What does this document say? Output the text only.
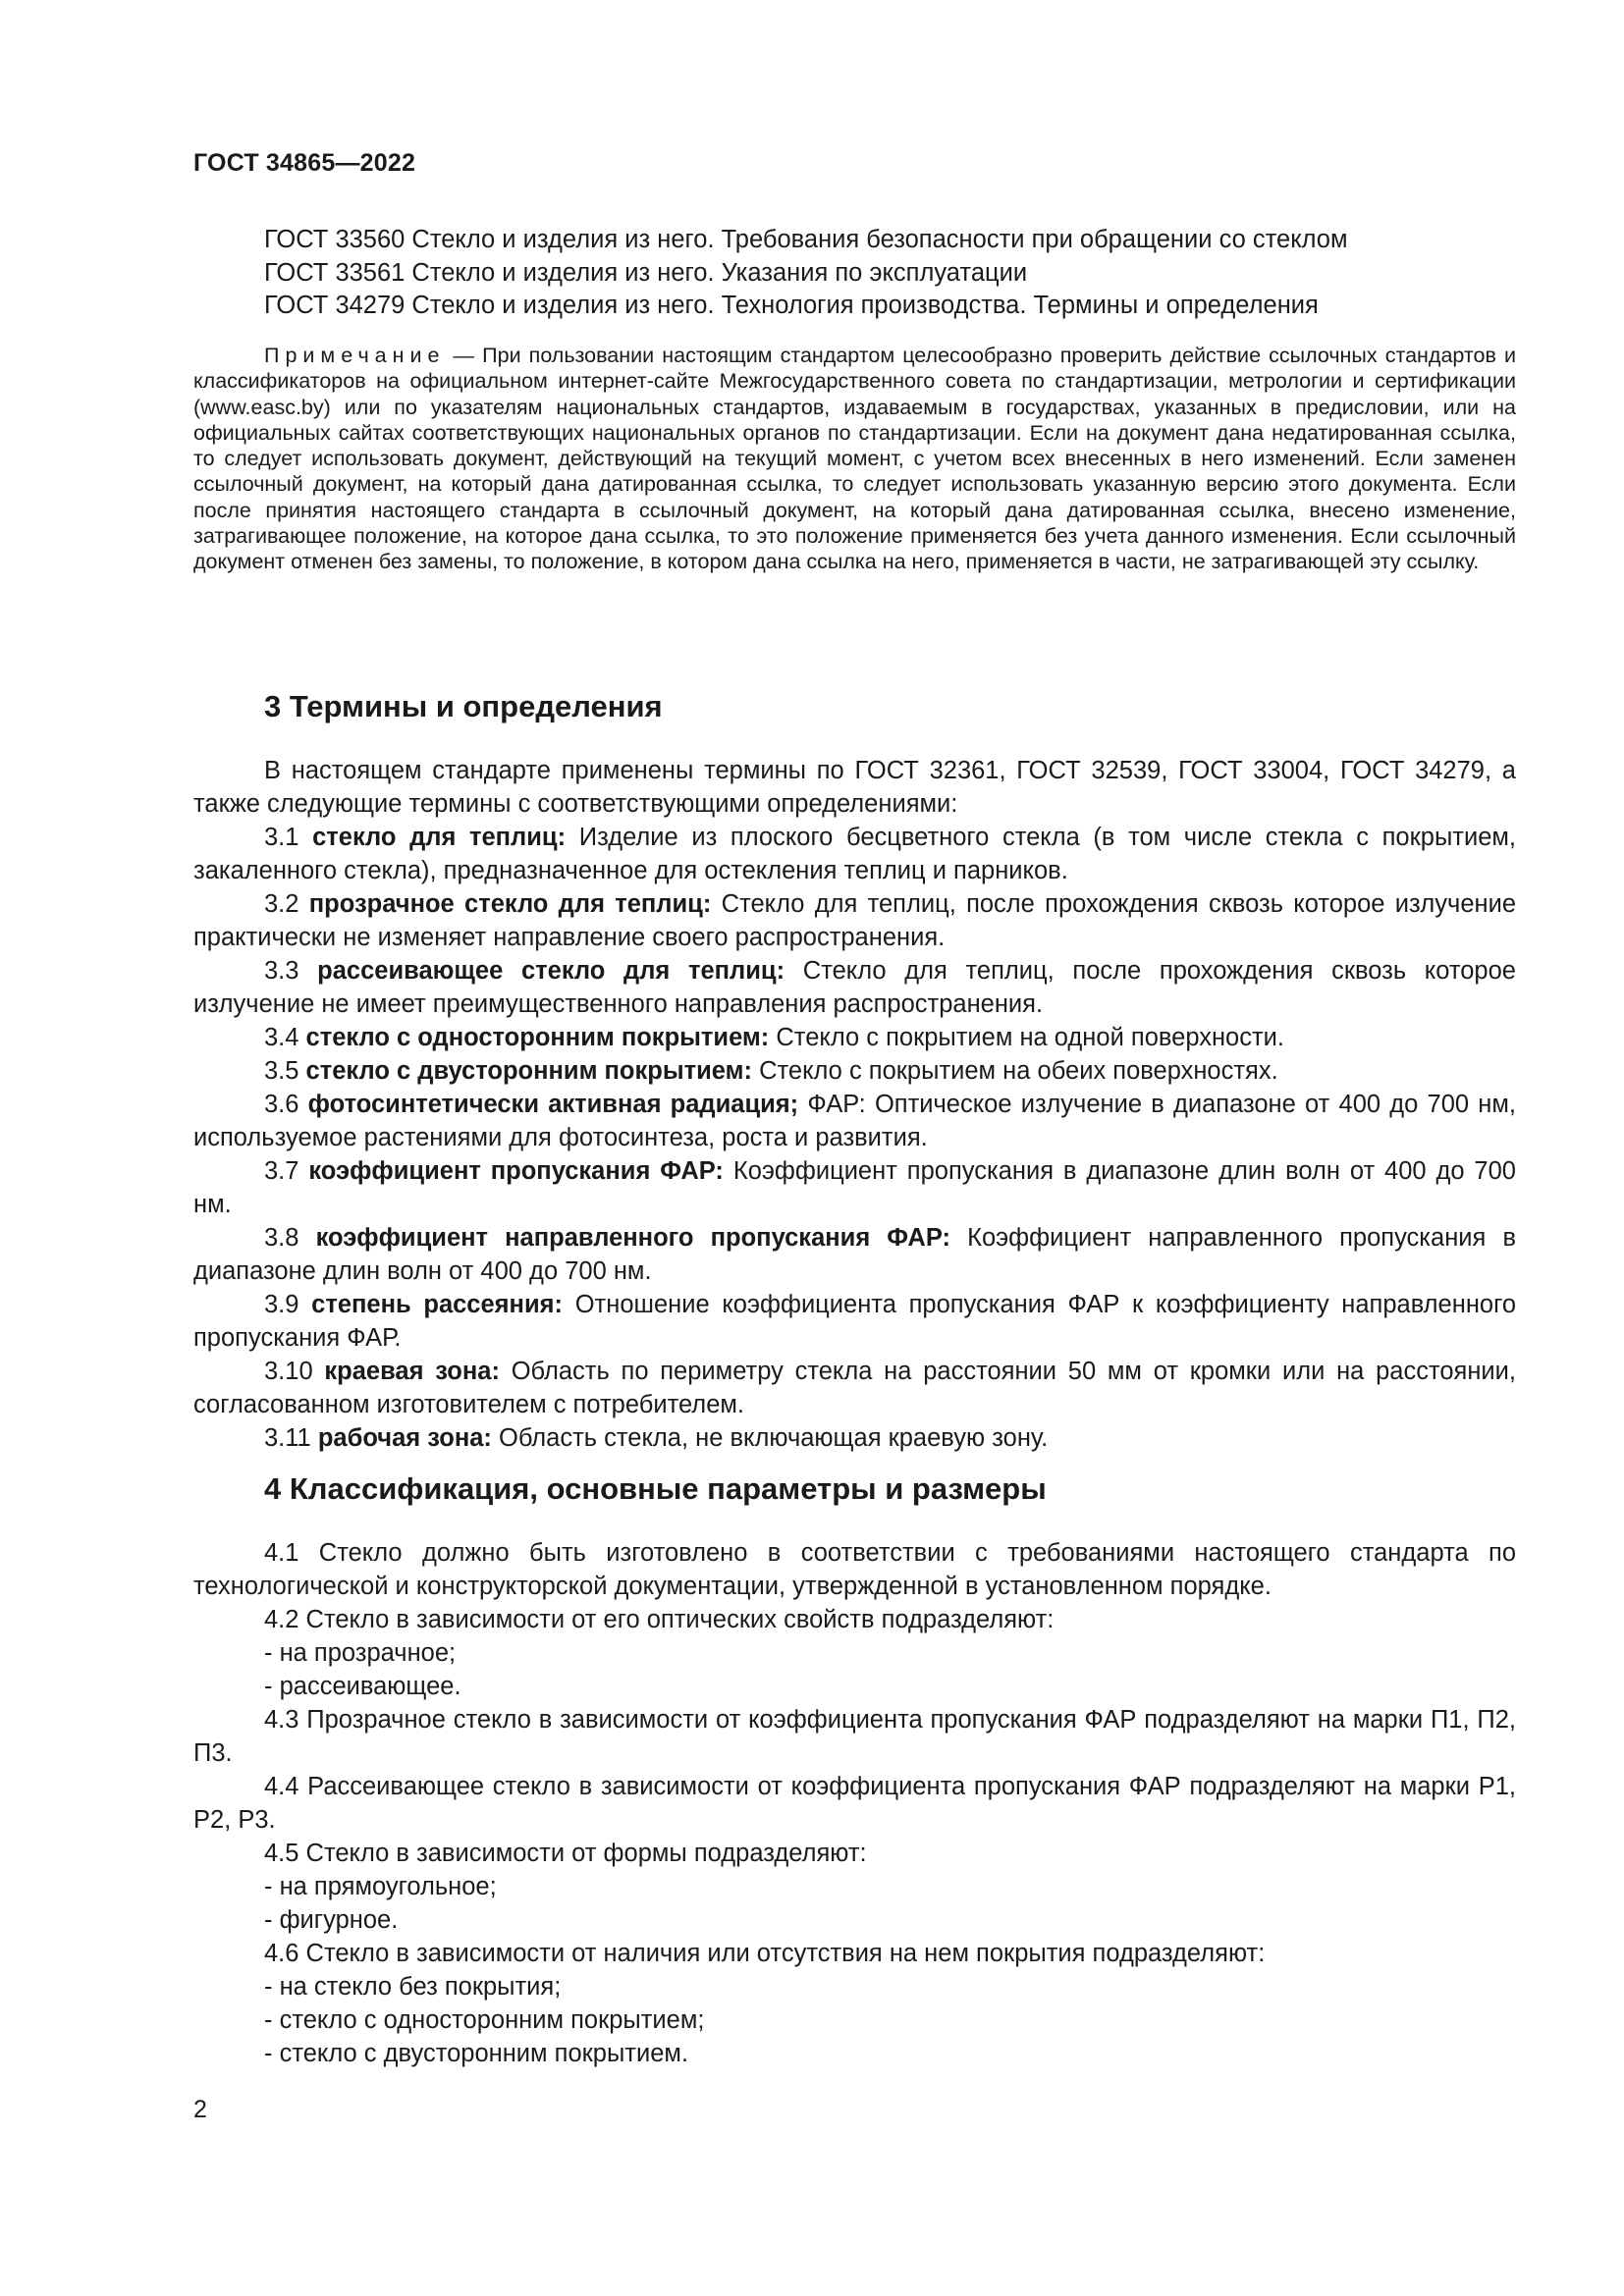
ГОСТ 34865—2022

ГОСТ 33560 Стекло и изделия из него. Требования безопасности при обращении со стеклом

ГОСТ 33561 Стекло и изделия из него. Указания по эксплуатации

ГОСТ 34279 Стекло и изделия из него. Технология производства. Термины и определения

Примечание — При пользовании настоящим стандартом целесообразно проверить действие ссылочных стандартов и классификаторов на официальном интернет-сайте Межгосударственного совета по стандартизации, метрологии и сертификации (www.easc.by) или по указателям национальных стандартов, издаваемым в государствах, указанных в предисловии, или на официальных сайтах соответствующих национальных органов по стандартизации. Если на документ дана недатированная ссылка, то следует использовать документ, действующий на текущий момент, с учетом всех внесенных в него изменений. Если заменен ссылочный документ, на который дана датированная ссылка, то следует использовать указанную версию этого документа. Если после принятия настоящего стандарта в ссылочный документ, на который дана датированная ссылка, внесено изменение, затрагивающее положение, на которое дана ссылка, то это положение применяется без учета данного изменения. Если ссылочный документ отменен без замены, то положение, в котором дана ссылка на него, применяется в части, не затрагивающей эту ссылку.

3 Термины и определения

В настоящем стандарте применены термины по ГОСТ 32361, ГОСТ 32539, ГОСТ 33004, ГОСТ 34279, а также следующие термины с соответствующими определениями:

3.1 стекло для теплиц: Изделие из плоского бесцветного стекла (в том числе стекла с покрытием, закаленного стекла), предназначенное для остекления теплиц и парников.

3.2 прозрачное стекло для теплиц: Стекло для теплиц, после прохождения сквозь которое излучение практически не изменяет направление своего распространения.

3.3 рассеивающее стекло для теплиц: Стекло для теплиц, после прохождения сквозь которое излучение не имеет преимущественного направления распространения.

3.4 стекло с односторонним покрытием: Стекло с покрытием на одной поверхности.

3.5 стекло с двусторонним покрытием: Стекло с покрытием на обеих поверхностях.

3.6 фотосинтетически активная радиация; ФАР: Оптическое излучение в диапазоне от 400 до 700 нм, используемое растениями для фотосинтеза, роста и развития.

3.7 коэффициент пропускания ФАР: Коэффициент пропускания в диапазоне длин волн от 400 до 700 нм.

3.8 коэффициент направленного пропускания ФАР: Коэффициент направленного пропускания в диапазоне длин волн от 400 до 700 нм.

3.9 степень рассеяния: Отношение коэффициента пропускания ФАР к коэффициенту направленного пропускания ФАР.

3.10 краевая зона: Область по периметру стекла на расстоянии 50 мм от кромки или на расстоянии, согласованном изготовителем с потребителем.

3.11 рабочая зона: Область стекла, не включающая краевую зону.

4 Классификация, основные параметры и размеры

4.1 Стекло должно быть изготовлено в соответствии с требованиями настоящего стандарта по технологической и конструкторской документации, утвержденной в установленном порядке.

4.2 Стекло в зависимости от его оптических свойств подразделяют:

- на прозрачное;

- рассеивающее.

4.3 Прозрачное стекло в зависимости от коэффициента пропускания ФАР подразделяют на марки П1, П2, П3.

4.4 Рассеивающее стекло в зависимости от коэффициента пропускания ФАР подразделяют на марки Р1, Р2, Р3.

4.5 Стекло в зависимости от формы подразделяют:

- на прямоугольное;

- фигурное.

4.6 Стекло в зависимости от наличия или отсутствия на нем покрытия подразделяют:

- на стекло без покрытия;

- стекло с односторонним покрытием;

- стекло с двусторонним покрытием.

2
